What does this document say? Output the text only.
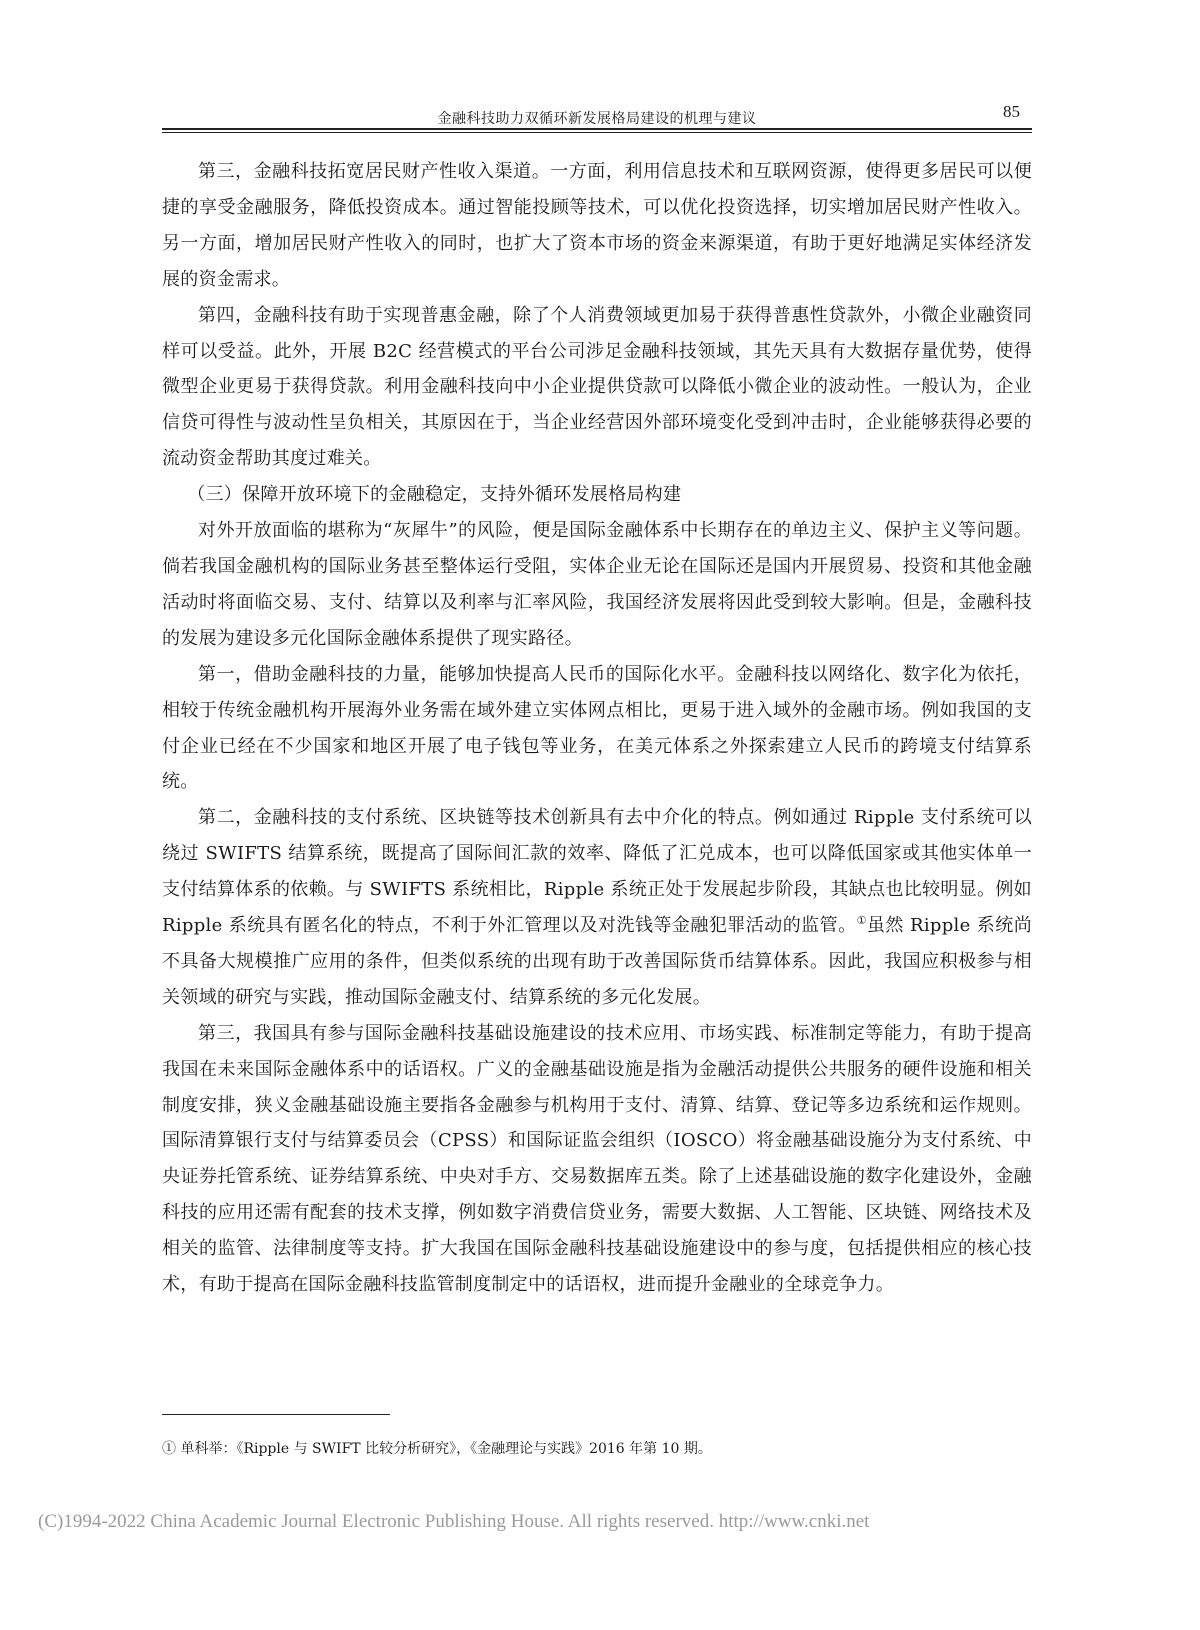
金融科技助力双循环新发展格局建设的机理与建议	85

第三，金融科技拓宽居民财产性收入渠道。一方面，利用信息技术和互联网资源，使得更多居民可以便捷的享受金融服务，降低投资成本。通过智能投顾等技术，可以优化投资选择，切实增加居民财产性收入。另一方面，增加居民财产性收入的同时，也扩大了资本市场的资金来源渠道，有助于更好地满足实体经济发展的资金需求。

第四，金融科技有助于实现普惠金融，除了个人消费领域更加易于获得普惠性贷款外，小微企业融资同样可以受益。此外，开展 B2C 经营模式的平台公司涉足金融科技领域，其先天具有大数据存量优势，使得微型企业更易于获得贷款。利用金融科技向中小企业提供贷款可以降低小微企业的波动性。一般认为，企业信贷可得性与波动性呈负相关，其原因在于，当企业经营因外部环境变化受到冲击时，企业能够获得必要的流动资金帮助其度过难关。

（三）保障开放环境下的金融稳定，支持外循环发展格局构建

对外开放面临的堪称为“灰犀牛”的风险，便是国际金融体系中长期存在的单边主义、保护主义等问题。倘若我国金融机构的国际业务甚至整体运行受阻，实体企业无论在国际还是国内开展贸易、投资和其他金融活动时将面临交易、支付、结算以及利率与汇率风险，我国经济发展将因此受到较大影响。但是，金融科技的发展为建设多元化国际金融体系提供了现实路径。

第一，借助金融科技的力量，能够加快提高人民币的国际化水平。金融科技以网络化、数字化为依托，相较于传统金融机构开展海外业务需在域外建立实体网点相比，更易于进入域外的金融市场。例如我国的支付企业已经在不少国家和地区开展了电子钱包等业务，在美元体系之外探索建立人民币的跨境支付结算系统。

第二，金融科技的支付系统、区块链等技术创新具有去中介化的特点。例如通过 Ripple 支付系统可以绕过 SWIFTS 结算系统，既提高了国际间汇款的效率、降低了汇兑成本，也可以降低国家或其他实体单一支付结算体系的依赖。与 SWIFTS 系统相比，Ripple 系统正处于发展起步阶段，其缺点也比较明显。例如 Ripple 系统具有匿名化的特点，不利于外汇管理以及对洗钱等金融犯罪活动的监管。①虽然 Ripple 系统尚不具备大规模推广应用的条件，但类似系统的出现有助于改善国际货币结算体系。因此，我国应积极参与相关领域的研究与实践，推动国际金融支付、结算系统的多元化发展。

第三，我国具有参与国际金融科技基础设施建设的技术应用、市场实践、标准制定等能力，有助于提高我国在未来国际金融体系中的话语权。广义的金融基础设施是指为金融活动提供公共服务的硬件设施和相关制度安排，狭义金融基础设施主要指各金融参与机构用于支付、清算、结算、登记等多边系统和运作规则。国际清算银行支付与结算委员会（CPSS）和国际证监会组织（IOSCO）将金融基础设施分为支付系统、中央证券托管系统、证券结算系统、中央对手方、交易数据库五类。除了上述基础设施的数字化建设外，金融科技的应用还需有配套的技术支撑，例如数字消费信贷业务，需要大数据、人工智能、区块链、网络技术及相关的监管、法律制度等支持。扩大我国在国际金融科技基础设施建设中的参与度，包括提供相应的核心技术，有助于提高在国际金融科技监管制度制定中的话语权，进而提升金融业的全球竞争力。

① 单科举：《Ripple 与 SWIFT 比较分析研究》，《金融理论与实践》2016 年第 10 期。
(C)1994-2022 China Academic Journal Electronic Publishing House. All rights reserved. http://www.cnki.net
